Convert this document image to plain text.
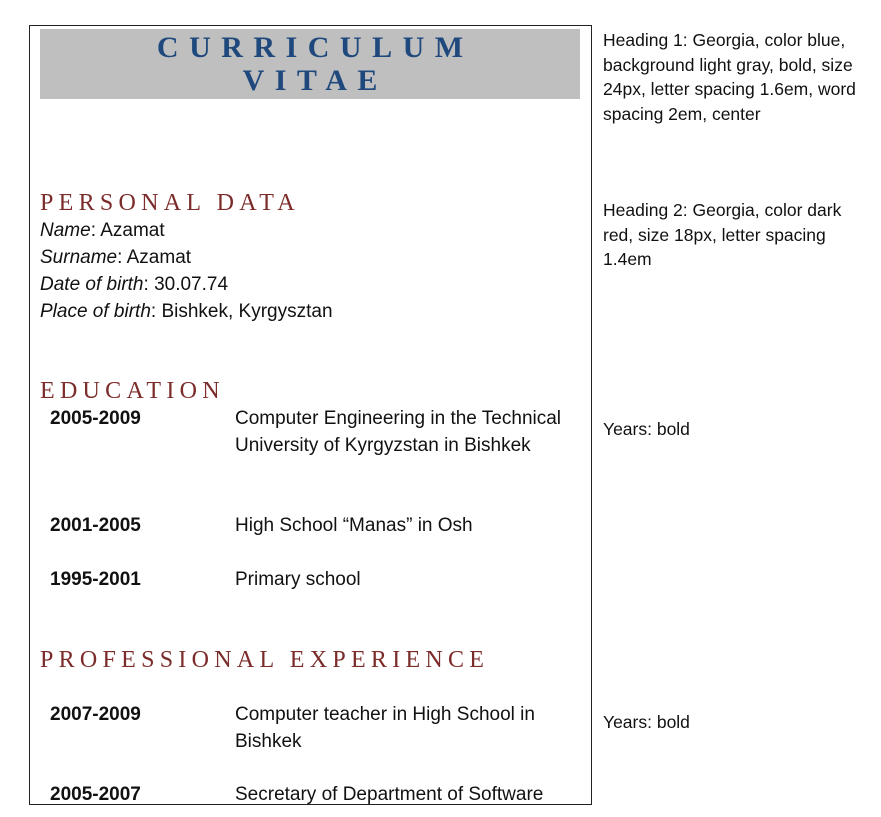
CURRICULUM
VITAE
PERSONAL DATA
Name: Azamat
Surname: Azamat
Date of birth: 30.07.74
Place of birth: Bishkek, Kyrgysztan
EDUCATION
2005-2009	Computer Engineering in the Technical University of Kyrgyzstan in Bishkek
2001-2005	High School “Manas” in Osh
1995-2001	Primary school
PROFESSIONAL EXPERIENCE
2007-2009	Computer teacher in High School in Bishkek
2005-2007	Secretary of Department of Software
Heading 1: Georgia, color blue, background light gray, bold, size 24px, letter spacing 1.6em, word spacing 2em, center
Heading 2: Georgia, color dark red, size 18px, letter spacing 1.4em
Years: bold
Years: bold
